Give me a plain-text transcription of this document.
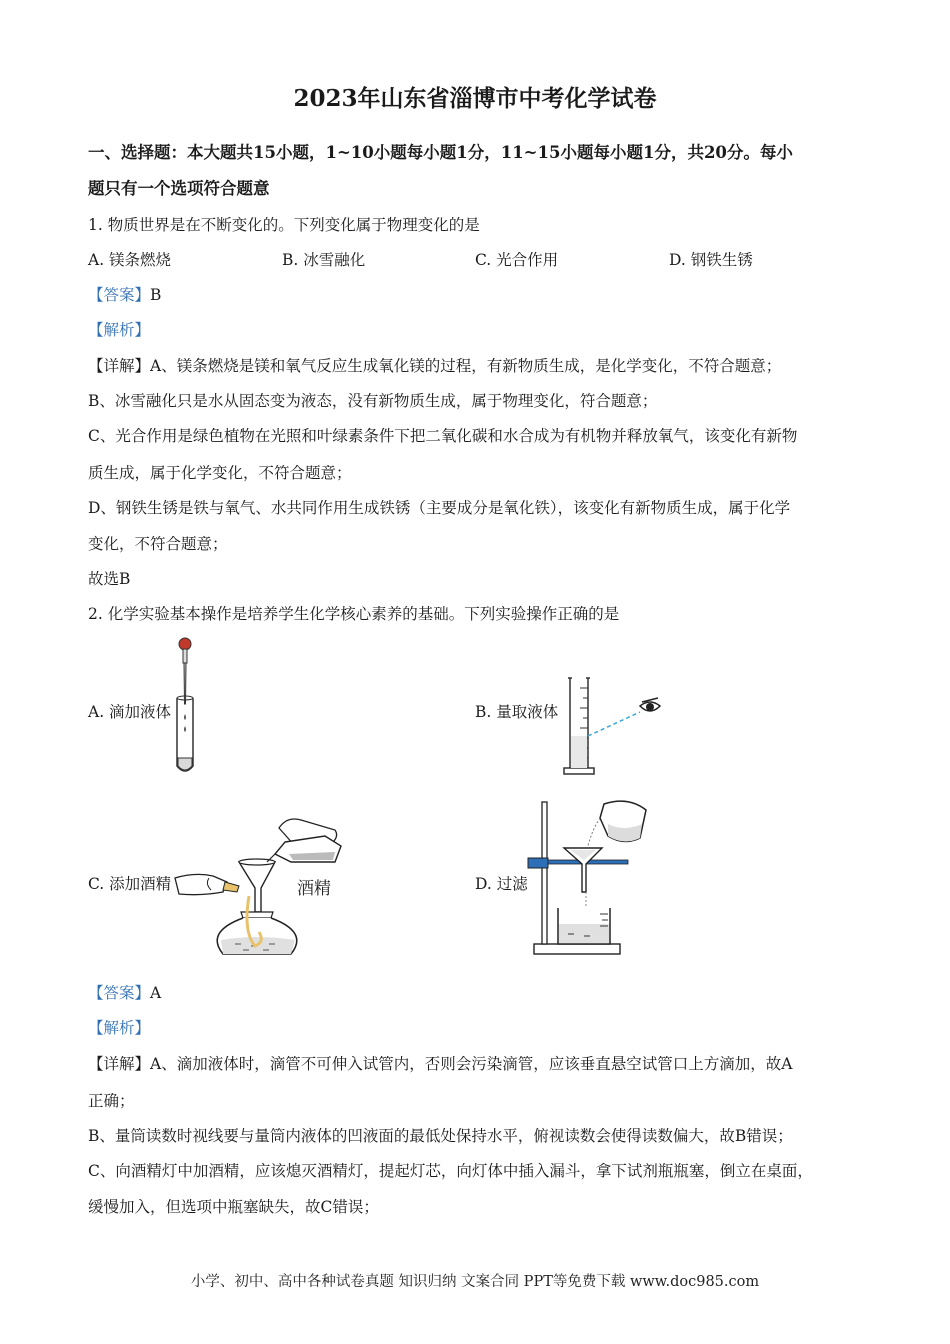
2023年山东省淄博市中考化学试卷
一、选择题：本大题共15小题，1~10小题每小题1分，11~15小题每小题1分，共20分。每小
题只有一个选项符合题意
1. 物质世界是在不断变化的。下列变化属于物理变化的是
A. 镁条燃烧	B. 冰雪融化	C. 光合作用	D. 钢铁生锈
【答案】B
【解析】
【详解】A、镁条燃烧是镁和氧气反应生成氧化镁的过程，有新物质生成，是化学变化，不符合题意；
B、冰雪融化只是水从固态变为液态，没有新物质生成，属于物理变化，符合题意；
C、光合作用是绿色植物在光照和叶绿素条件下把二氧化碳和水合成为有机物并释放氧气，该变化有新物
质生成，属于化学变化，不符合题意；
D、钢铁生锈是铁与氧气、水共同作用生成铁锈（主要成分是氧化铁），该变化有新物质生成，属于化学
变化，不符合题意；
故选B
2. 化学实验基本操作是培养学生化学核心素养的基础。下列实验操作正确的是
A. 滴加液体	B. 量取液体
C. 添加酒精	D. 过滤
酒精
【答案】A
【解析】
【详解】A、滴加液体时，滴管不可伸入试管内，否则会污染滴管，应该垂直悬空试管口上方滴加，故A
正确；
B、量筒读数时视线要与量筒内液体的凹液面的最低处保持水平，俯视读数会使得读数偏大，故B错误；
C、向酒精灯中加酒精，应该熄灭酒精灯，提起灯芯，向灯体中插入漏斗，拿下试剂瓶瓶塞，倒立在桌面，
缓慢加入，但选项中瓶塞缺失，故C错误；
小学、初中、高中各种试卷真题 知识归纳 文案合同 PPT等免费下载 www.doc985.com
